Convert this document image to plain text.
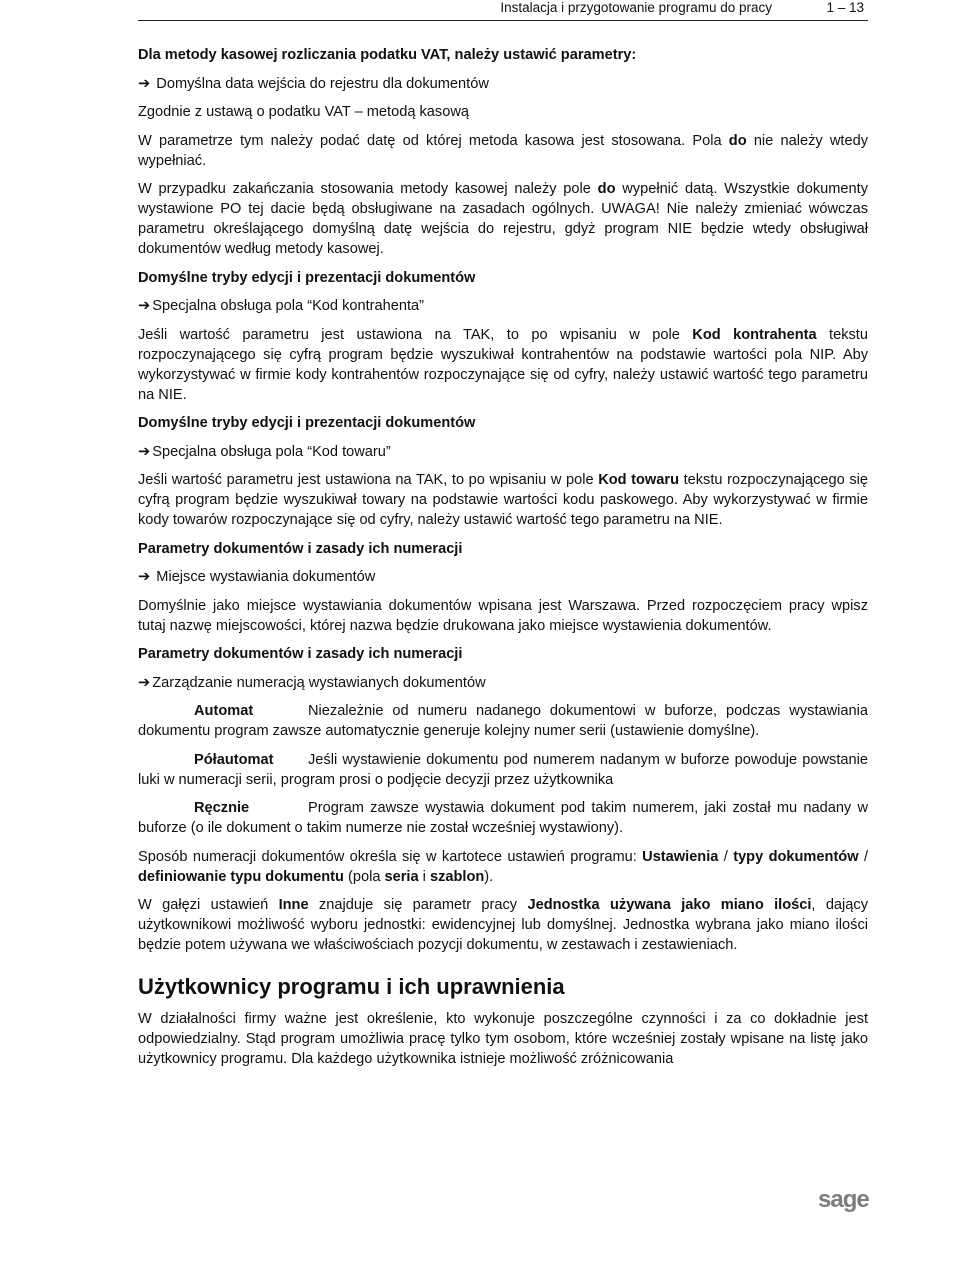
Instalacja i przygotowanie programu do pracy	1 – 13

Dla metody kasowej rozliczania podatku VAT, należy ustawić parametry:

➔ Domyślna data wejścia do rejestru dla dokumentów

Zgodnie z ustawą o podatku VAT – metodą kasową

W parametrze tym należy podać datę od której metoda kasowa jest stosowana. Pola do nie należy wtedy wypełniać.

W przypadku zakańczania stosowania metody kasowej należy pole do wypełnić datą. Wszystkie dokumenty wystawione PO tej dacie będą obsługiwane na zasadach ogólnych. UWAGA! Nie należy zmieniać wówczas parametru określającego domyślną datę wejścia do rejestru, gdyż program NIE będzie wtedy obsługiwał dokumentów według metody kasowej.

Domyślne tryby edycji i prezentacji dokumentów

➔ Specjalna obsługa pola “Kod kontrahenta”

Jeśli wartość parametru jest ustawiona na TAK, to po wpisaniu w pole Kod kontrahenta tekstu rozpoczynającego się cyfrą program będzie wyszukiwał kontrahentów na podstawie wartości pola NIP. Aby wykorzystywać w firmie kody kontrahentów rozpoczynające się od cyfry, należy ustawić wartość tego parametru na NIE.

Domyślne tryby edycji i prezentacji dokumentów

➔ Specjalna obsługa pola “Kod towaru”

Jeśli wartość parametru jest ustawiona na TAK, to po wpisaniu w pole Kod towaru tekstu rozpoczynającego się cyfrą program będzie wyszukiwał towary na podstawie wartości kodu paskowego. Aby wykorzystywać w firmie kody towarów rozpoczynające się od cyfry, należy ustawić wartość tego parametru na NIE.

Parametry dokumentów i zasady ich numeracji

➔ Miejsce wystawiania dokumentów

Domyślnie jako miejsce wystawiania dokumentów wpisana jest Warszawa. Przed rozpoczęciem pracy wpisz tutaj nazwę miejscowości, której nazwa będzie drukowana jako miejsce wystawienia dokumentów.

Parametry dokumentów i zasady ich numeracji

➔ Zarządzanie numeracją wystawianych dokumentów

Automat	Niezależnie od numeru nadanego dokumentowi w buforze, podczas wystawiania dokumentu program zawsze automatycznie generuje kolejny numer serii (ustawienie domyślne).

Półautomat Jeśli wystawienie dokumentu pod numerem nadanym w buforze powoduje powstanie luki w numeracji serii, program prosi o podjęcie decyzji przez użytkownika

Ręcznie	Program zawsze wystawia dokument pod takim numerem, jaki został mu nadany w buforze (o ile dokument o takim numerze nie został wcześniej wystawiony).

Sposób numeracji dokumentów określa się w kartotece ustawień programu: Ustawienia / typy dokumentów / definiowanie typu dokumentu (pola seria i szablon).

W gałęzi ustawień Inne znajduje się parametr pracy Jednostka używana jako miano ilości, dający użytkownikowi możliwość wyboru jednostki: ewidencyjnej lub domyślnej. Jednostka wybrana jako miano ilości będzie potem używana we właściwościach pozycji dokumentu, w zestawach i zestawieniach.

Użytkownicy programu i ich uprawnienia

W działalności firmy ważne jest określenie, kto wykonuje poszczególne czynności i za co dokładnie jest odpowiedzialny. Stąd program umożliwia pracę tylko tym osobom, które wcześniej zostały wpisane na listę jako użytkownicy programu. Dla każdego użytkownika istnieje możliwość zróżnicowania

sage
